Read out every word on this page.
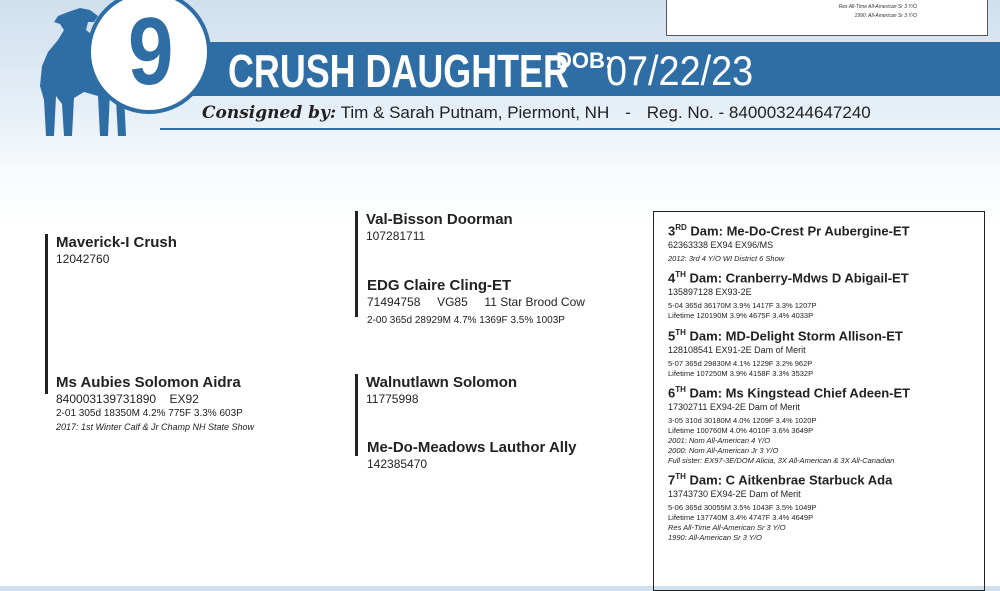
Res All-Time All-American Sr 3 Y/O
1990: All-American Sr 3 Y/O
9	CRUSH DAUGHTER
DOB:
07/22/23
Consigned by: Tim & Sarah Putnam, Piermont, NH - Reg. No. - 840003244647240
Maverick-I Crush
12042760
Ms Aubies Solomon Aidra
840003139731890 EX92
2-01 305d 18350M 4.2% 775F 3.3% 603P
2017: 1st Winter Calf & Jr Champ NH State Show
Val-Bisson Doorman
107281711
EDG Claire Cling-ET
71494758 VG85 11 Star Brood Cow
2-00 365d 28929M 4.7% 1369F 3.5% 1003P
Walnutlawn Solomon
11775998
Me-Do-Meadows Lauthor Ally
142385470
3RD Dam: Me-Do-Crest Pr Aubergine-ET
62363338 EX94 EX96/MS
2012: 3rd 4 Y/O WI District 6 Show
4TH Dam: Cranberry-Mdws D Abigail-ET
135897128 EX93-2E
5-04 365d 36170M 3.9% 1417F 3.3% 1207P
Lifetime 120190M 3.9% 4675F 3.4% 4033P
5TH Dam: MD-Delight Storm Allison-ET
128108541 EX91-2E Dam of Merit
5-07 365d 29830M 4.1% 1229F 3.2% 962P
Lifetime 107250M 3.9% 4158F 3.3% 3532P
6TH Dam: Ms Kingstead Chief Adeen-ET
17302711 EX94-2E Dam of Merit
3-05 310d 30180M 4.0% 1209F 3.4% 1020P
Lifetime 100760M 4.0% 4010F 3.6% 3649P
2001: Nom All-American 4 Y/O
2000: Nom All-American Jr 3 Y/O
Full sister: EX97-3E/DOM Alicia, 3X All-American & 3X All-Canadian
7TH Dam: C Aitkenbrae Starbuck Ada
13743730 EX94-2E Dam of Merit
5-06 365d 30055M 3.5% 1043F 3.5% 1049P
Lifetime 137740M 3.4% 4747F 3.4% 4649P
Res All-Time All-American Sr 3 Y/O
1990: All-American Sr 3 Y/O
